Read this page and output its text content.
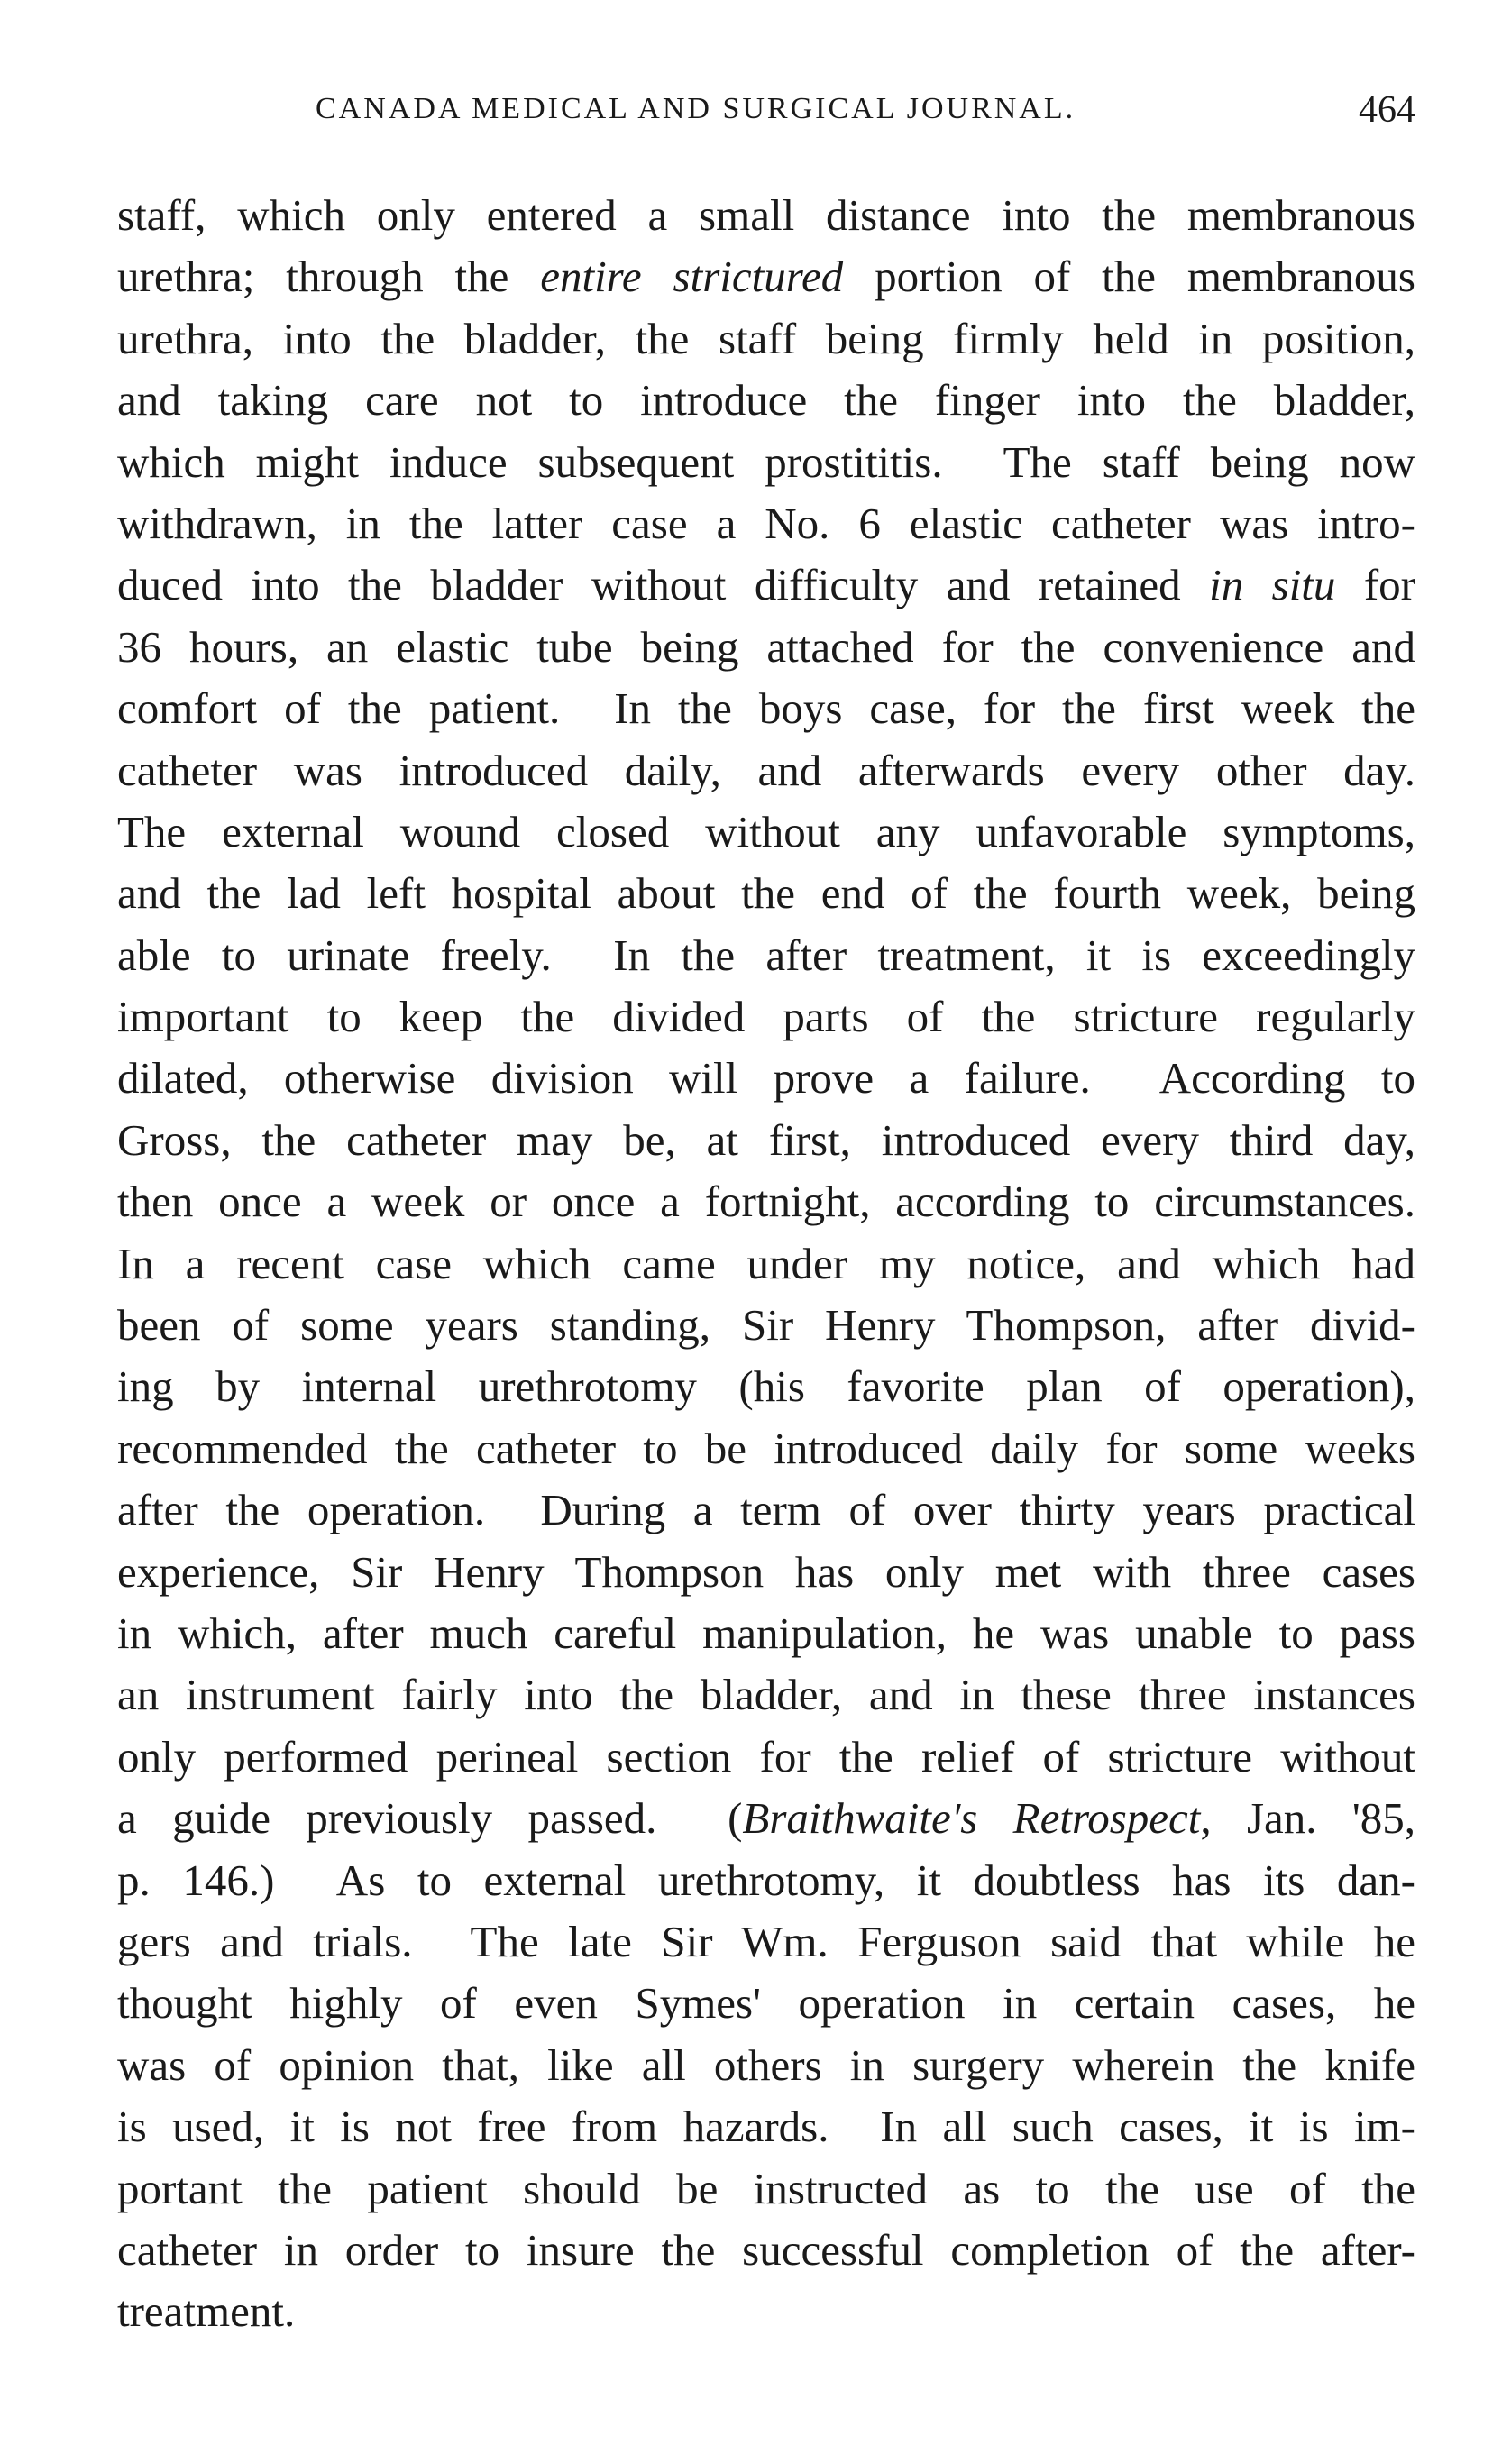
CANADA MEDICAL AND SURGICAL JOURNAL.	464
staff, which only entered a small distance into the membranous
urethra; through the entire strictured portion of the membranous
urethra, into the bladder, the staff being firmly held in position,
and taking care not to introduce the finger into the bladder,
which might induce subsequent prostititis.  The staff being now
withdrawn, in the latter case a No. 6 elastic catheter was intro-
duced into the bladder without difficulty and retained in situ for
36 hours, an elastic tube being attached for the convenience and
comfort of the patient.  In the boys case, for the first week the
catheter was introduced daily, and afterwards every other day.
The external wound closed without any unfavorable symptoms,
and the lad left hospital about the end of the fourth week, being
able to urinate freely.  In the after treatment, it is exceedingly
important to keep the divided parts of the stricture regularly
dilated, otherwise division will prove a failure.  According to
Gross, the catheter may be, at first, introduced every third day,
then once a week or once a fortnight, according to circumstances.
In a recent case which came under my notice, and which had
been of some years standing, Sir Henry Thompson, after divid-
ing by internal urethrotomy (his favorite plan of operation),
recommended the catheter to be introduced daily for some weeks
after the operation.  During a term of over thirty years practical
experience, Sir Henry Thompson has only met with three cases
in which, after much careful manipulation, he was unable to pass
an instrument fairly into the bladder, and in these three instances
only performed perineal section for the relief of stricture without
a guide previously passed.  (Braithwaite's Retrospect, Jan. '85,
p. 146.)  As to external urethrotomy, it doubtless has its dan-
gers and trials.  The late Sir Wm. Ferguson said that while he
thought highly of even Symes' operation in certain cases, he
was of opinion that, like all others in surgery wherein the knife
is used, it is not free from hazards.  In all such cases, it is im-
portant the patient should be instructed as to the use of the
catheter in order to insure the successful completion of the after-
treatment.
